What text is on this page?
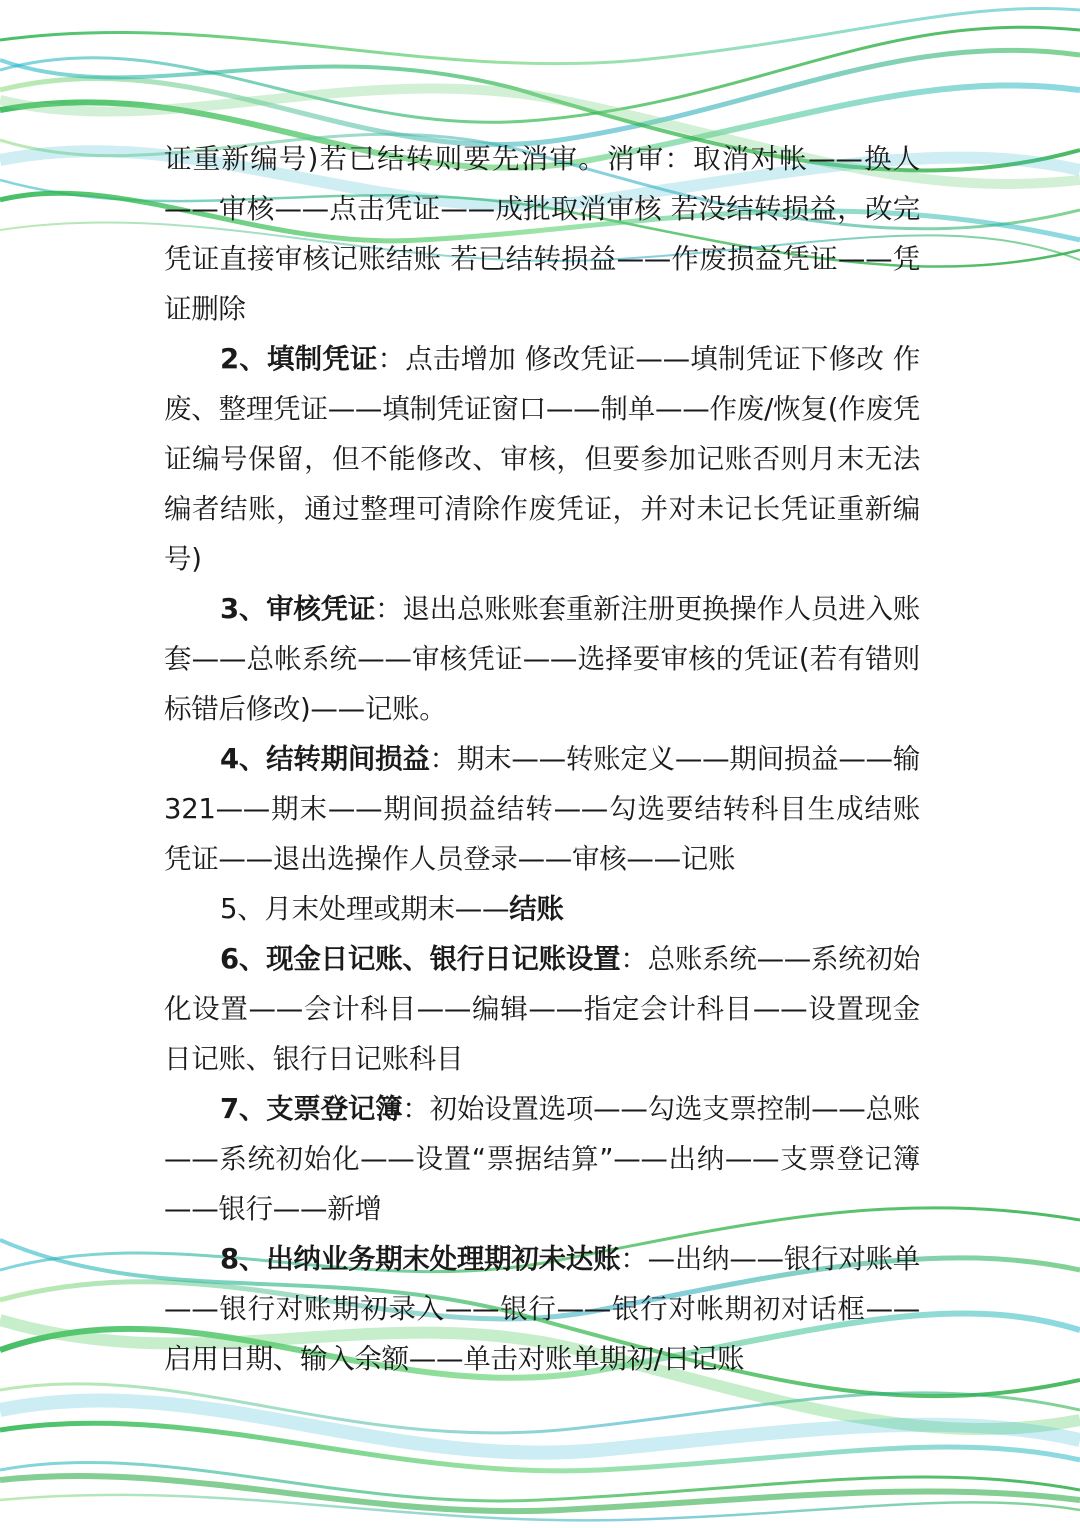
证重新编号)若已结转则要先消审。消审：取消对帐——换人——审核——点击凭证——成批取消审核 若没结转损益，改完凭证直接审核记账结账 若已结转损益——作废损益凭证——凭证删除

2、填制凭证：点击增加 修改凭证——填制凭证下修改 作废、整理凭证——填制凭证窗口——制单——作废/恢复(作废凭证编号保留，但不能修改、审核，但要参加记账否则月末无法编者结账，通过整理可清除作废凭证，并对未记长凭证重新编号)

3、审核凭证：退出总账账套重新注册更换操作人员进入账套——总帐系统——审核凭证——选择要审核的凭证(若有错则标错后修改)——记账。

4、结转期间损益：期末——转账定义——期间损益——输 321——期末——期间损益结转——勾选要结转科目生成结账凭证——退出选操作人员登录——审核——记账

5、月末处理或期末——结账

6、现金日记账、银行日记账设置：总账系统——系统初始化设置——会计科目——编辑——指定会计科目——设置现金日记账、银行日记账科目

7、支票登记簿：初始设置选项——勾选支票控制——总账——系统初始化——设置“票据结算”——出纳——支票登记簿——银行——新增

8、出纳业务期末处理期初未达账：—出纳——银行对账单——银行对账期初录入——银行——银行对帐期初对话框——启用日期、输入余额——单击对账单期初/日记账
